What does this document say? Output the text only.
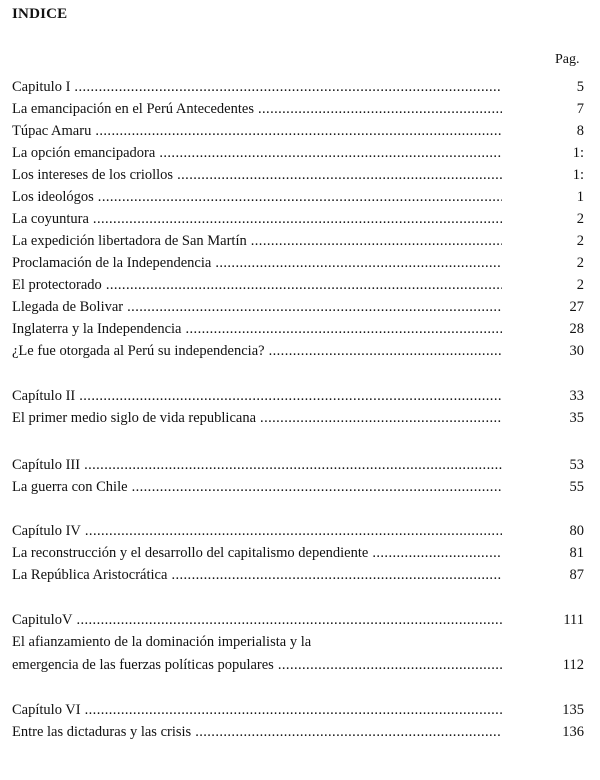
INDICE
Pag.
Capitulo I .....	5
La emancipación en el Perú Antecedentes .....	7
Túpac Amaru .....	8
La opción emancipadora .....	1:
Los intereses de los criollos .....	1:
Los ideológos .....	1
La coyuntura .....	2
La expedición libertadora de San Martín .....	2
Proclamación de la Independencia .....	2
El protectorado .....	2
Llegada de Bolivar .....	27
Inglaterra y la Independencia .....	28
¿Le fue otorgada al Perú su independencia? .....	30
Capítulo II .....	33
El primer medio siglo de vida republicana .....	35
Capítulo III .....	53
La guerra con Chile .....	55
Capítulo IV .....	80
La reconstrucción y el desarrollo del capitalismo dependiente .....	81
La República Aristocrática .....	87
CapituloV .....	111
El afianzamiento de la dominación imperialista y la
emergencia de las fuerzas políticas populares .....	112
Capítulo VI .....	135
Entre las dictaduras y las crisis .....	136
